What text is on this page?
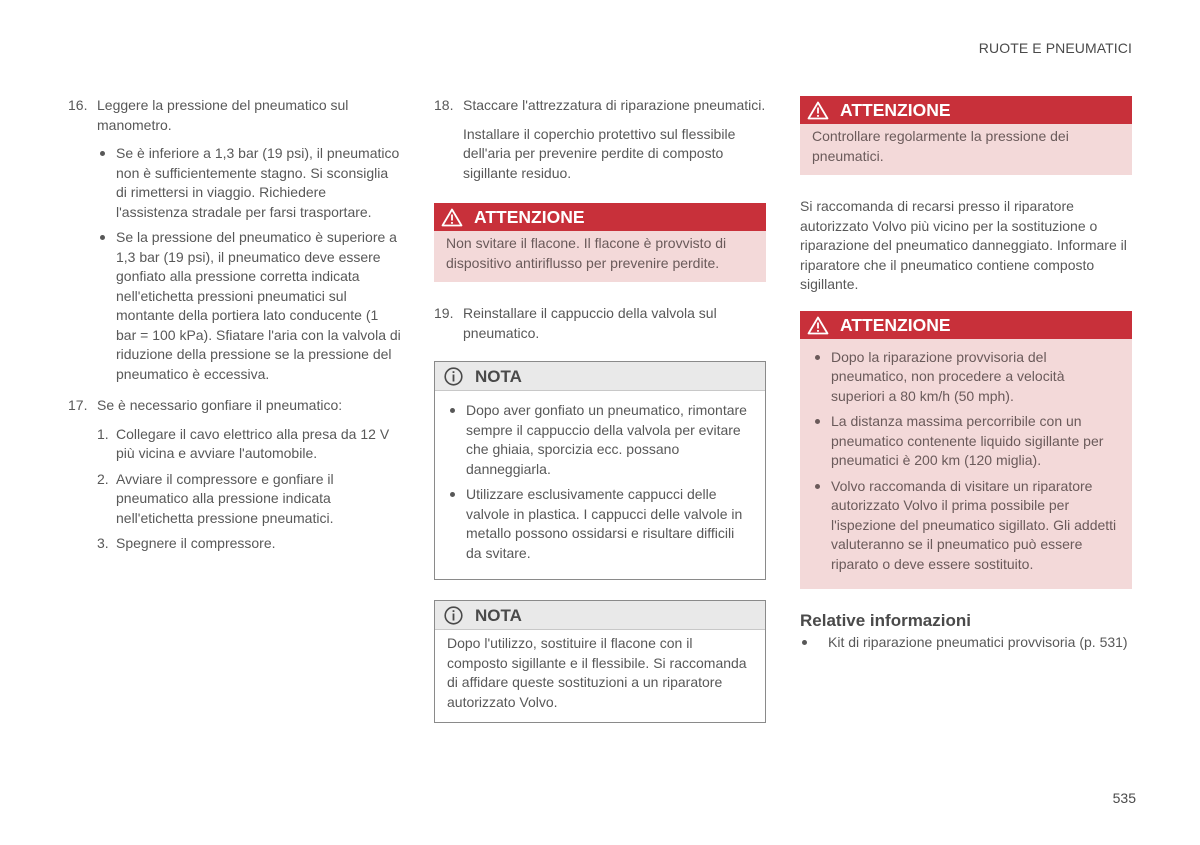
RUOTE E PNEUMATICI
16. Leggere la pressione del pneumatico sul manometro.
Se è inferiore a 1,3 bar (19 psi), il pneumatico non è sufficientemente stagno. Si sconsiglia di rimettersi in viaggio. Richiedere l'assistenza stradale per farsi trasportare.
Se la pressione del pneumatico è superiore a 1,3 bar (19 psi), il pneumatico deve essere gonfiato alla pressione corretta indicata nell'etichetta pressioni pneumatici sul montante della portiera lato conducente (1 bar = 100 kPa). Sfiatare l'aria con la valvola di riduzione della pressione se la pressione del pneumatico è eccessiva.
17. Se è necessario gonfiare il pneumatico:
1. Collegare il cavo elettrico alla presa da 12 V più vicina e avviare l'automobile.
2. Avviare il compressore e gonfiare il pneumatico alla pressione indicata nell'etichetta pressione pneumatici.
3. Spegnere il compressore.
18. Staccare l'attrezzatura di riparazione pneumatici.
Installare il coperchio protettivo sul flessibile dell'aria per prevenire perdite di composto sigillante residuo.
ATTENZIONE
Non svitare il flacone. Il flacone è provvisto di dispositivo antiriflusso per prevenire perdite.
19. Reinstallare il cappuccio della valvola sul pneumatico.
NOTA
Dopo aver gonfiato un pneumatico, rimontare sempre il cappuccio della valvola per evitare che ghiaia, sporcizia ecc. possano danneggiarla.
Utilizzare esclusivamente cappucci delle valvole in plastica. I cappucci delle valvole in metallo possono ossidarsi e risultare difficili da svitare.
NOTA
Dopo l'utilizzo, sostituire il flacone con il composto sigillante e il flessibile. Si raccomanda di affidare queste sostituzioni a un riparatore autorizzato Volvo.
ATTENZIONE
Controllare regolarmente la pressione dei pneumatici.
Si raccomanda di recarsi presso il riparatore autorizzato Volvo più vicino per la sostituzione o riparazione del pneumatico danneggiato. Informare il riparatore che il pneumatico contiene composto sigillante.
ATTENZIONE
Dopo la riparazione provvisoria del pneumatico, non procedere a velocità superiori a 80 km/h (50 mph).
La distanza massima percorribile con un pneumatico contenente liquido sigillante per pneumatici è 200 km (120 miglia).
Volvo raccomanda di visitare un riparatore autorizzato Volvo il prima possibile per l'ispezione del pneumatico sigillato. Gli addetti valuteranno se il pneumatico può essere riparato o deve essere sostituito.
Relative informazioni
Kit di riparazione pneumatici provvisoria (p. 531)
535
